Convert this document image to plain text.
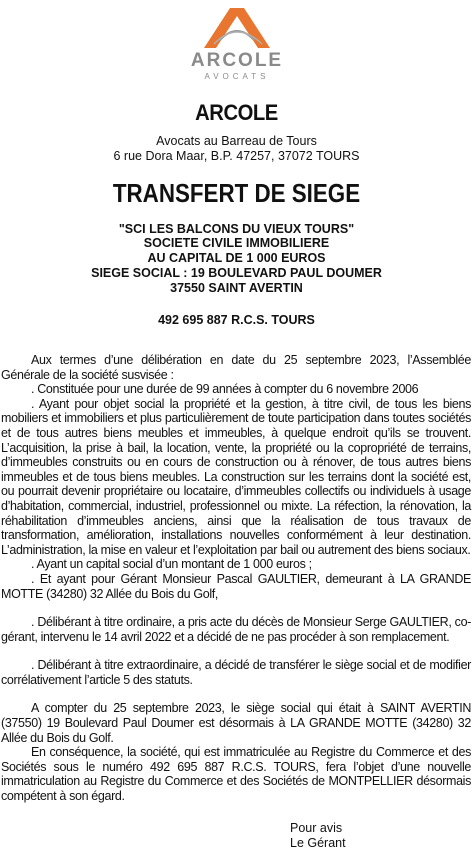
ARCOLE
AVOCATS
ARCOLE
Avocats au Barreau de Tours
6 rue Dora Maar, B.P. 47257, 37072 TOURS
TRANSFERT DE SIEGE
"SCI LES BALCONS DU VIEUX TOURS"
SOCIETE CIVILE IMMOBILIERE
AU CAPITAL DE 1 000 EUROS
SIEGE SOCIAL : 19 BOULEVARD PAUL DOUMER
37550 SAINT AVERTIN
492 695 887 R.C.S. TOURS
Aux termes d’une délibération en date du 25 septembre 2023, l’Assemblée Générale de la société susvisée :
. Constituée pour une durée de 99 années à compter du 6 novembre 2006
. Ayant pour objet social la propriété et la gestion, à titre civil, de tous les biens mobiliers et immobiliers et plus particulièrement de toute participation dans toutes sociétés et de tous autres biens meubles et immeubles, à quelque endroit qu’ils se trouvent. L’acquisition, la prise à bail, la location, vente, la propriété ou la copropriété de terrains, d’immeubles construits ou en cours de construction ou à rénover, de tous autres biens immeubles et de tous biens meubles. La construction sur les terrains dont la société est, ou pourrait devenir propriétaire ou locataire, d’immeubles collectifs ou individuels à usage d’habitation, commercial, industriel, professionnel ou mixte. La réfection, la rénovation, la réhabilitation d’immeubles anciens, ainsi que la réalisation de tous travaux de transformation, amélioration, installations nouvelles conformément à leur destination. L’administration, la mise en valeur et l’exploitation par bail ou autrement des biens sociaux.
. Ayant un capital social d’un montant de 1 000 euros ;
. Et ayant pour Gérant Monsieur Pascal GAULTIER, demeurant à LA GRANDE MOTTE (34280) 32 Allée du Bois du Golf,
. Délibérant à titre ordinaire, a pris acte du décès de Monsieur Serge GAULTIER, co-gérant, intervenu le 14 avril 2022 et a décidé de ne pas procéder à son remplacement.
. Délibérant à titre extraordinaire, a décidé de transférer le siège social et de modifier corrélativement l’article 5 des statuts.
A compter du 25 septembre 2023, le siège social qui était à SAINT AVERTIN (37550) 19 Boulevard Paul Doumer est désormais à LA GRANDE MOTTE (34280) 32 Allée du Bois du Golf.
En conséquence, la société, qui est immatriculée au Registre du Commerce et des Sociétés sous le numéro 492 695 887 R.C.S. TOURS, fera l’objet d’une nouvelle immatriculation au Registre du Commerce et des Sociétés de MONTPELLIER désormais compétent à son égard.
Pour avis
Le Gérant
